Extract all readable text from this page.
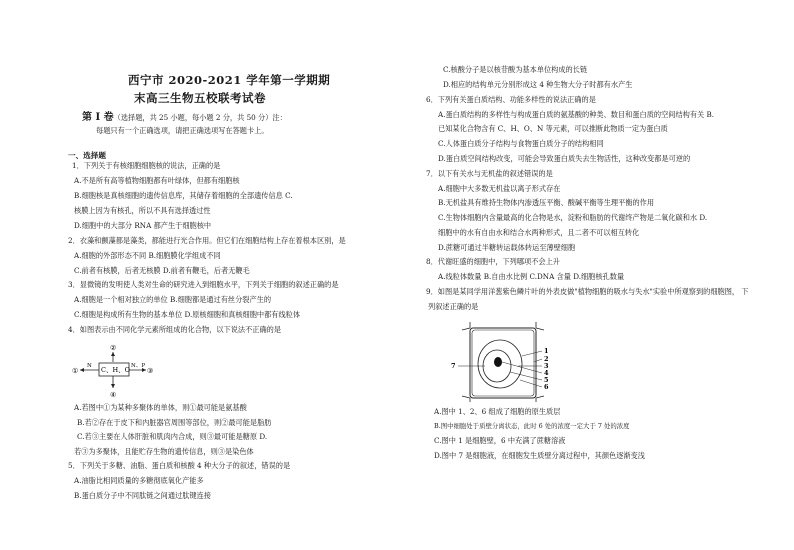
西宁市 2020-2021 学年第一学期期
末高三生物五校联考试卷
第 I 卷（选择题，共 25 小题，每小题 2 分，共 50 分）注：
每题只有一个正确选项，请把正确选项写在答题卡上。
一、选择题
1．下列关于有核细胞细胞核的说法，正确的是
A.不是所有高等植物细胞都有叶绿体，但都有细胞核
B.细胞核是真核细胞的遗传信息库，其储存着细胞的全部遗传信息 C.
核膜上因为有核孔，所以不具有选择透过性
D.细胞中的大部分 RNA 都产生于细胞核中
2．衣藻和颤藻都是藻类，都能进行光合作用。但它们在细胞结构上存在着根本区别，是
A.细胞的外部形态不同 B.细胞膜化学组成不同
C.前者有核膜，后者无核膜 D.前者有鞭毛，后者无鞭毛
3．显微镜的发明使人类对生命的研究进入到细胞水平，下列关于细胞的叙述正确的是
A.细胞是一个相对独立的单位 B.细胞都是通过有丝分裂产生的
C.细胞是构成所有生物的基本单位 D.原核细胞和真核细胞中都有线粒体
4．如图表示由不同化学元素所组成的化合物，以下说法不正确的是
②
①
N C、H、O N、P
③
④
A.若图中①为某种多聚体的单体，则①最可能是氨基酸
B.若②存在于皮下和内脏器官周围等部位，则②最可能是脂肪
C.若③主要在人体肝脏和肌肉内合成，则③最可能是糖原 D.
若③为多聚体，且能贮存生物的遗传信息，则③是染色体
5．下列关于多糖、油脂、蛋白质和核酸 4 种大分子的叙述，错误的是
A.油脂比相同质量的多糖彻底氧化产能多
B.蛋白质分子中不同肽链之间通过肽键连接
C.核酸分子是以核苷酸为基本单位构成的长链
D.相应的结构单元分别形成这 4 种生物大分子时都有水产生
6．下列有关蛋白质结构、功能多样性的说法正确的是
A.蛋白质结构的多样性与构成蛋白质的氨基酸的种类、数目和蛋白质的空间结构有关 B.
已知某化合物含有 C、H、O、N 等元素，可以推断此物质一定为蛋白质
C.人体蛋白质分子结构与食物蛋白质分子的结构相同
D.蛋白质空间结构改变，可能会导致蛋白质失去生物活性，这种改变都是可逆的
7．以下有关水与无机盐的叙述错误的是
A.细胞中大多数无机盐以离子形式存在
B.无机盐具有维持生物体内渗透压平衡、酸碱平衡等生理平衡的作用
C.生物体细胞内含量最高的化合物是水，淀粉和脂肪的代谢终产物是二氧化碳和水 D.
细胞中的水有自由水和结合水两种形式，且二者不可以相互转化
D.蔗糖可通过半糖转运载体转运至薄壁细胞
8．代谢旺盛的细胞中，下列哪项不会上升
A.线粒体数量 B.自由水比例 C.DNA 含量 D.细胞核孔数量
9．如图是某同学用洋葱紫色鳞片叶的外表皮做"植物细胞的吸水与失水"实验中所观察到的细胞图， 下
列叙述正确的是
1
2
3
4
5
6
7
A.图中 1、2、6 组成了细胞的原生质层
B.图中细胞处于质壁分离状态，此时 6 处的浓度一定大于 7 处的浓度
C.图中 1 是细胞壁，6 中充满了蔗糖溶液
D.图中 7 是细胞液，在细胞发生质壁分离过程中，其颜色逐渐变浅
